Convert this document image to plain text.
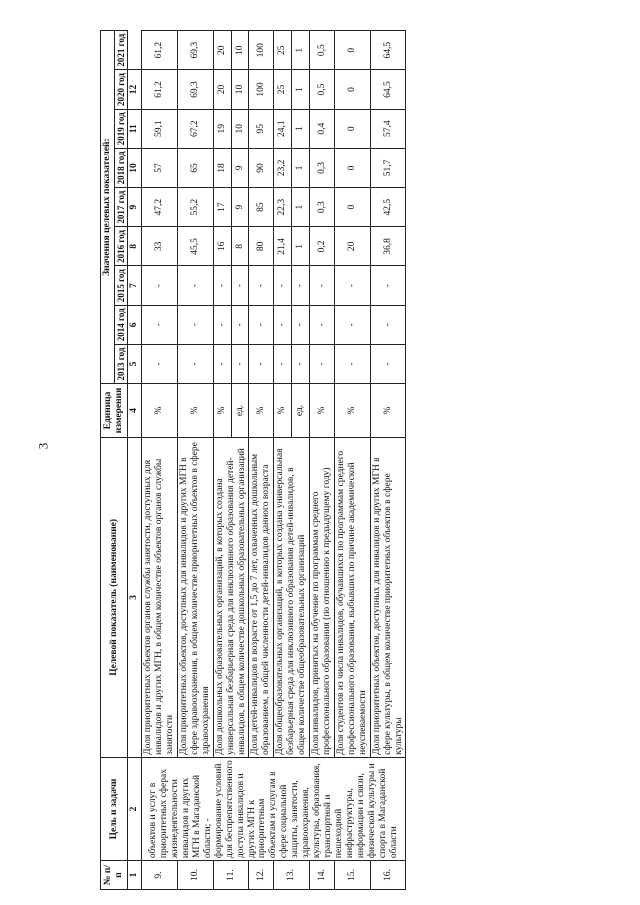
3
№ п/п	Цель и задачи	Целевой показатель (наименование)	Единица измерения	Значения целевых показателей:								
				2013 год	2014 год	2015 год	2016 год	2017 год	2018 год	2019 год	2020 год	2021 год
1	2	3	4	5	6	7	8	9	10	11	12	
9.	объектов и услуг в приоритетных сферах жизнедеятельности инвалидов и других МГН в Магаданской области; - формирование условий для беспрепятственного доступа инвалидов и других МГН к приоритетным объектам и услугам в сфере социальной защиты, занятости, здравоохранения, культуры, образования, транспортной и пешеходной инфраструктуры, информации и связи, физической культуры и спорта в Магаданской области	Доля приоритетных объектов органов службы занятости, доступных для инвалидов и других МГН, в общем количестве объектов органов службы занятости	%	-	-	-	33	47,2	57	59,1	61,2	61,2
10.		Доля приоритетных объектов, доступных для инвалидов и других МГН в сфере здравоохранения, в общем количестве приоритетных объектов в сфере здравоохранения	%	-	-	-	45,5	55,2	65	67,2	69,3	69,3
11.		Доля дошкольных образовательных организаций, в которых создана универсальная безбарьерная среда для инклюзивного образования детей-инвалидов, в общем количестве дошкольных образовательных организаций	%	-	-	-	16	17	18	19	20	20
			ед.	-	-	-	8	9	9	10	10	10
12.		Доля детей-инвалидов в возрасте от 1,5 до 7 лет, охваченных дошкольным образованием, в общей численности детей-инвалидов данного возраста	%	-	-	-	80	85	90	95	100	100
13.		Доля общеобразовательных организаций, в которых создана универсальная безбарьерная среда для инклюзивного образования детей-инвалидов, в общем количестве общеобразовательных организаций	%	-	-	-	21,4	22,3	23,2	24,1	25	25
			ед.	-	-	-	1	1	1	1	1	1
14.		Доля инвалидов, принятых на обучение по программам среднего профессионального образования (по отношению к предыдущему году)	%	-	-	-	0,2	0,3	0,3	0,4	0,5	0,5
15.		Доля студентов из числа инвалидов, обучавшихся по программам среднего профессионального образования, выбывших по причине академической неуспеваемости	%	-	-	-	20	0	0	0	0	0
16.		Доля приоритетных объектов, доступных для инвалидов и других МГН в сфере культуры, в общем количестве приоритетных объектов в сфере культуры	%	-	-	-	36,8	42,5	51,7	57,4	64,5	64,5
